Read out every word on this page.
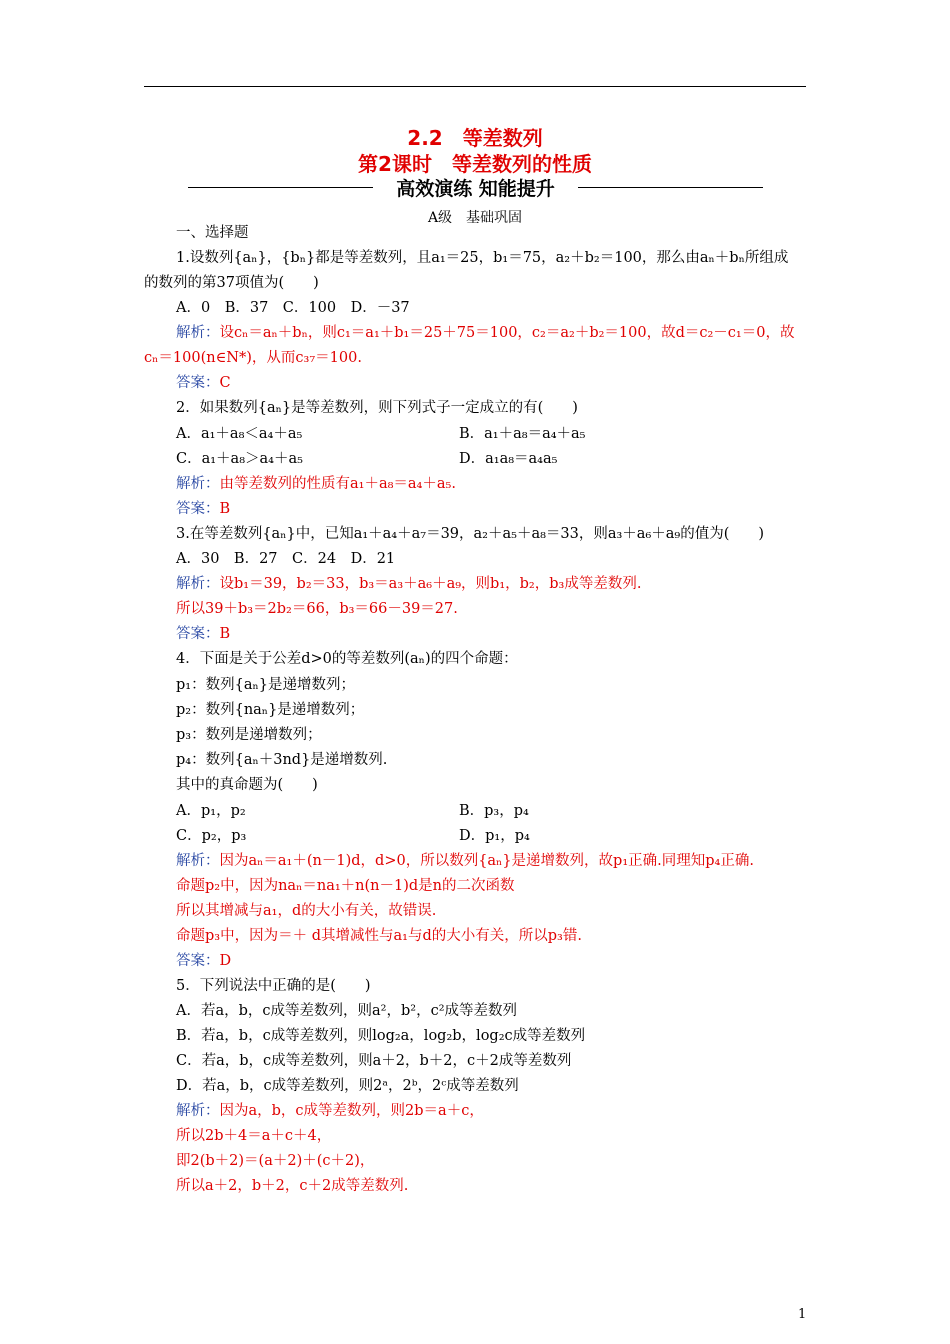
2.2　等差数列
第2课时　等差数列的性质
高效演练 知能提升
A级　基础巩固
一、选择题
1.设数列{aₙ}，{bₙ}都是等差数列，且a₁＝25，b₁＝75，a₂＋b₂＝100，那么由aₙ＋bₙ所组成
的数列的第37项值为(　　)
A．0　B．37　C．100　D．－37
解析：设cₙ＝aₙ＋bₙ，则c₁＝a₁＋b₁＝25＋75＝100，c₂＝a₂＋b₂＝100，故d＝c₂－c₁＝0，故
cₙ＝100(n∈N*)，从而c₃₇＝100.
答案：C
2．如果数列{aₙ}是等差数列，则下列式子一定成立的有(　　)
A．a₁＋a₈＜a₄＋a₅	B．a₁＋a₈＝a₄＋a₅
C．a₁＋a₈＞a₄＋a₅	D．a₁a₈＝a₄a₅
解析：由等差数列的性质有a₁＋a₈＝a₄＋a₅.
答案：B
3.在等差数列{aₙ}中，已知a₁＋a₄＋a₇＝39，a₂＋a₅＋a₈＝33，则a₃＋a₆＋a₉的值为(　　)
A．30　B．27　C．24　D．21
解析：设b₁＝39，b₂＝33，b₃＝a₃＋a₆＋a₉，则b₁，b₂，b₃成等差数列.
所以39＋b₃＝2b₂＝66，b₃＝66－39＝27.
答案：B
4．下面是关于公差d>0的等差数列(aₙ)的四个命题：
p₁：数列{aₙ}是递增数列；
p₂：数列{naₙ}是递增数列；
p₃：数列是递增数列；
p₄：数列{aₙ＋3nd}是递增数列.
其中的真命题为(　　)
A．p₁，p₂	B．p₃，p₄
C．p₂，p₃	D．p₁，p₄
解析：因为aₙ＝a₁＋(n－1)d，d>0，所以数列{aₙ}是递增数列，故p₁正确.同理知p₄正确.
命题p₂中，因为naₙ＝na₁＋n(n－1)d是n的二次函数
所以其增减与a₁，d的大小有关，故错误.
命题p₃中，因为＝＋ d其增减性与a₁与d的大小有关，所以p₃错.
答案：D
5．下列说法中正确的是(　　)
A．若a，b，c成等差数列，则a²，b²，c²成等差数列
B．若a，b，c成等差数列，则log₂a，log₂b，log₂c成等差数列
C．若a，b，c成等差数列，则a＋2，b＋2，c＋2成等差数列
D．若a，b，c成等差数列，则2ᵃ，2ᵇ，2ᶜ成等差数列
解析：因为a，b，c成等差数列，则2b＝a＋c，
所以2b＋4＝a＋c＋4，
即2(b＋2)＝(a＋2)＋(c＋2)，
所以a＋2，b＋2，c＋2成等差数列.
1
